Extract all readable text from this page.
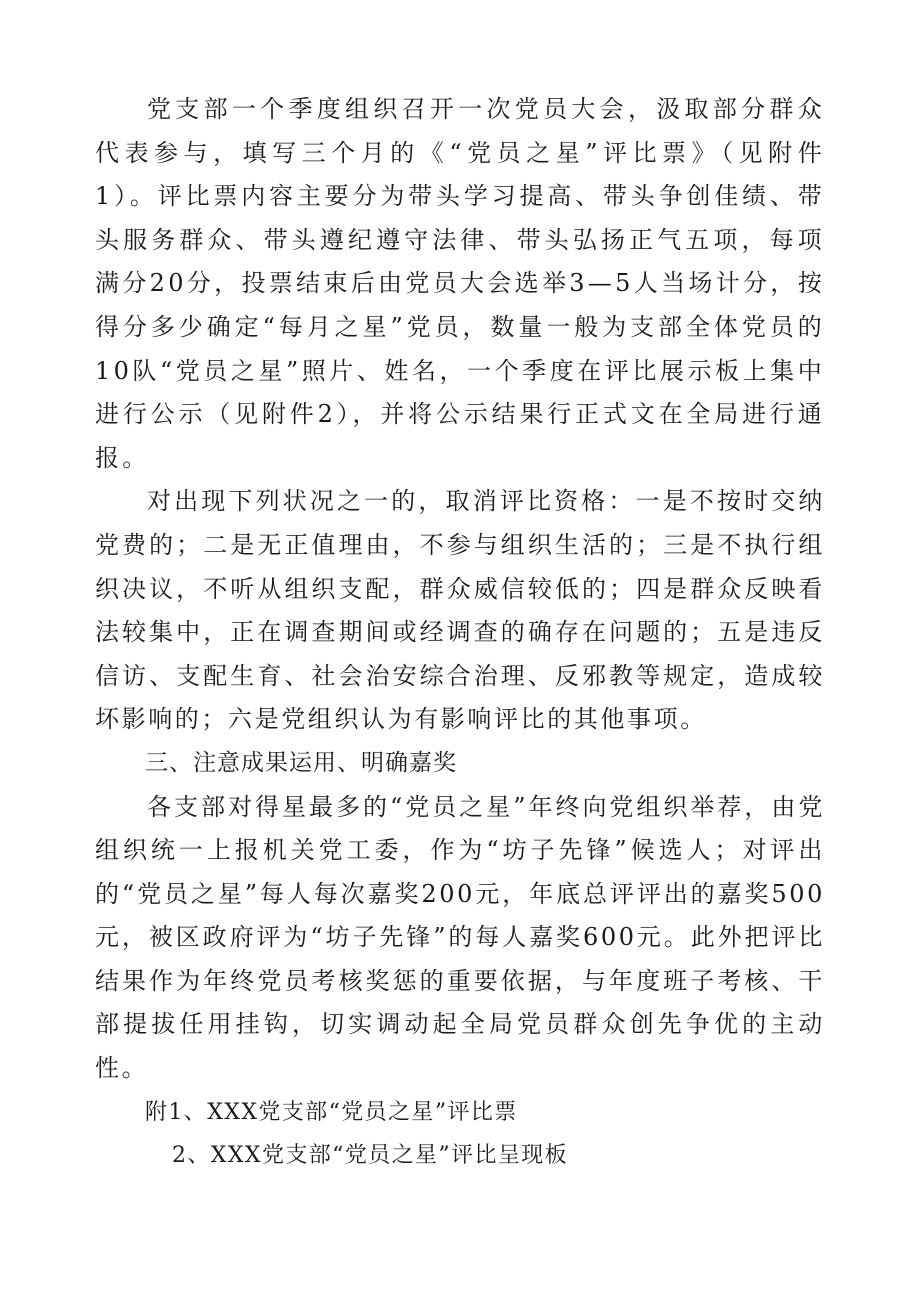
党支部一个季度组织召开一次党员大会，汲取部分群众代表参与，填写三个月的《“党员之星”评比票》（见附件1）。评比票内容主要分为带头学习提高、带头争创佳绩、带头服务群众、带头遵纪遵守法律、带头弘扬正气五项，每项满分20分，投票结束后由党员大会选举3—5人当场计分，按得分多少确定“每月之星”党员，数量一般为支部全体党员的10队“党员之星”照片、姓名，一个季度在评比展示板上集中进行公示（见附件2），并将公示结果行正式文在全局进行通报。

对出现下列状况之一的，取消评比资格：一是不按时交纳党费的；二是无正值理由，不参与组织生活的；三是不执行组织决议，不听从组织支配，群众威信较低的；四是群众反映看法较集中，正在调查期间或经调查的确存在问题的；五是违反信访、支配生育、社会治安综合治理、反邪教等规定，造成较坏影响的；六是党组织认为有影响评比的其他事项。

三、注意成果运用、明确嘉奖

各支部对得星最多的“党员之星”年终向党组织举荐，由党组织统一上报机关党工委，作为“坊子先锋”候选人；对评出的“党员之星”每人每次嘉奖200元，年底总评评出的嘉奖500元，被区政府评为“坊子先锋”的每人嘉奖600元。此外把评比结果作为年终党员考核奖惩的重要依据，与年度班子考核、干部提拔任用挂钩，切实调动起全局党员群众创先争优的主动性。

附1、XXX党支部“党员之星”评比票

2、XXX党支部“党员之星”评比呈现板
